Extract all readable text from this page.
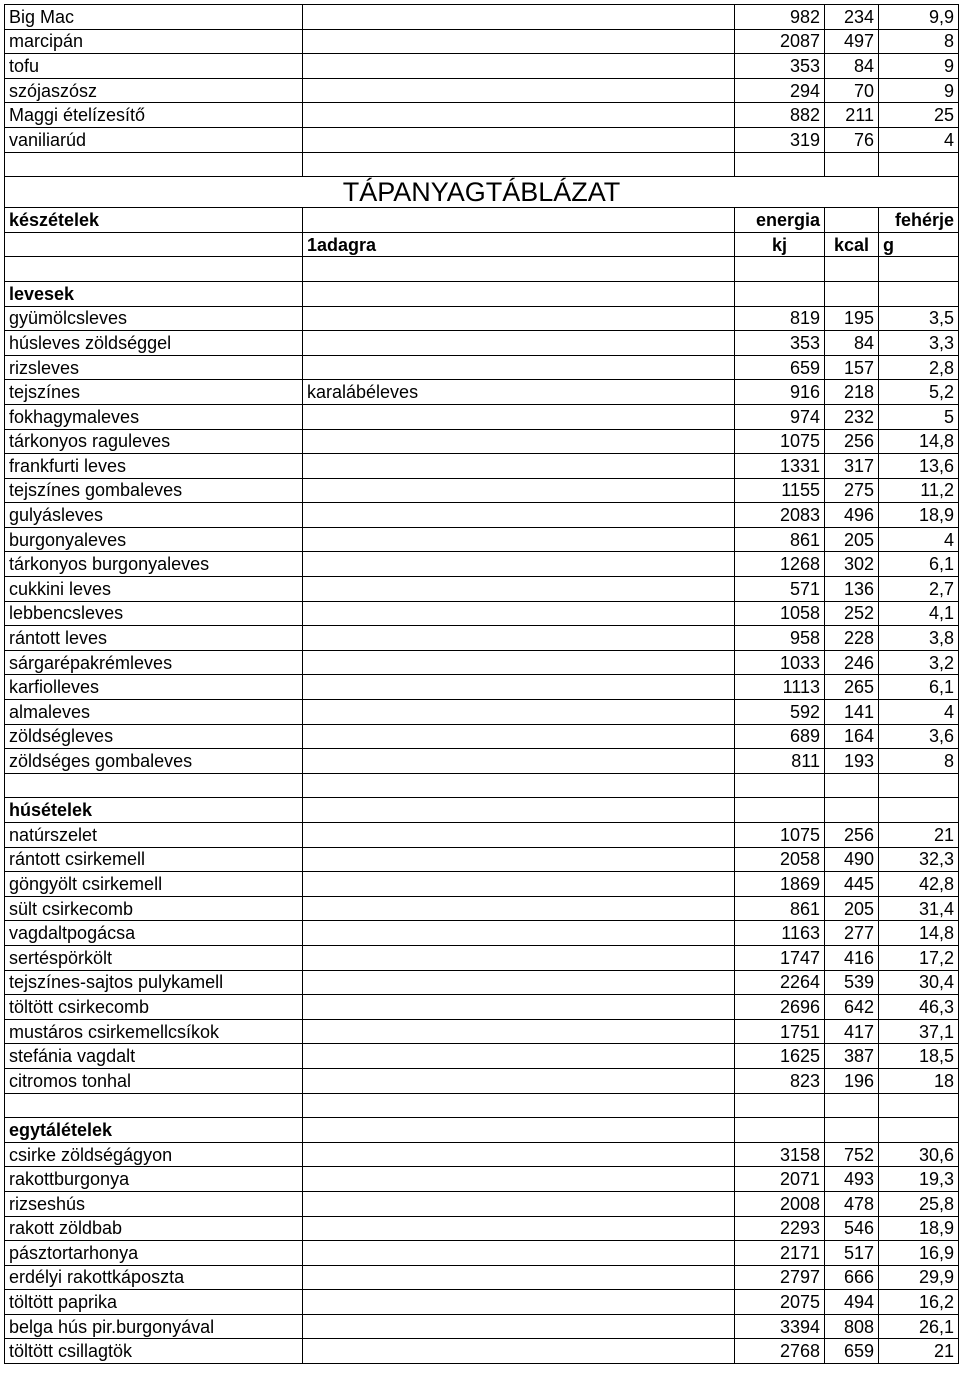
Big Mac		982	234	9,9
marcipán		2087	497	8
tofu		353	84	9
szójaszósz		294	70	9
Maggi ételízesítő		882	211	25
vaniliarúd		319	76	4

TÁPANYAGTÁBLÁZAT				
készételek		energia		fehérje
	1adagra	kj	kcal	g

levesek				
gyümölcsleves		819	195	3,5
húsleves zöldséggel		353	84	3,3
rizsleves		659	157	2,8
tejszínes	karalábéleves	916	218	5,2
fokhagymaleves		974	232	5
tárkonyos raguleves		1075	256	14,8
frankfurti leves		1331	317	13,6
tejszínes gombaleves		1155	275	11,2
gulyásleves		2083	496	18,9
burgonyaleves		861	205	4
tárkonyos burgonyaleves		1268	302	6,1
cukkini leves		571	136	2,7
lebbencsleves		1058	252	4,1
rántott leves		958	228	3,8
sárgarépakrémleves		1033	246	3,2
karfiolleves		1113	265	6,1
almaleves		592	141	4
zöldségleves		689	164	3,6
zöldséges gombaleves		811	193	8

húsételek				
natúrszelet		1075	256	21
rántott csirkemell		2058	490	32,3
göngyölt csirkemell		1869	445	42,8
sült csirkecomb		861	205	31,4
vagdaltpogácsa		1163	277	14,8
sertéspörkölt		1747	416	17,2
tejszínes-sajtos pulykamell		2264	539	30,4
töltött csirkecomb		2696	642	46,3
mustáros csirkemellcsíkok		1751	417	37,1
stefánia vagdalt		1625	387	18,5
citromos tonhal		823	196	18

egytálételek				
csirke zöldségágyon		3158	752	30,6
rakottburgonya		2071	493	19,3
rizseshús		2008	478	25,8
rakott zöldbab		2293	546	18,9
pásztortarhonya		2171	517	16,9
erdélyi rakottkáposzta		2797	666	29,9
töltött paprika		2075	494	16,2
belga hús pir.burgonyával		3394	808	26,1
töltött csillagtök		2768	659	21
